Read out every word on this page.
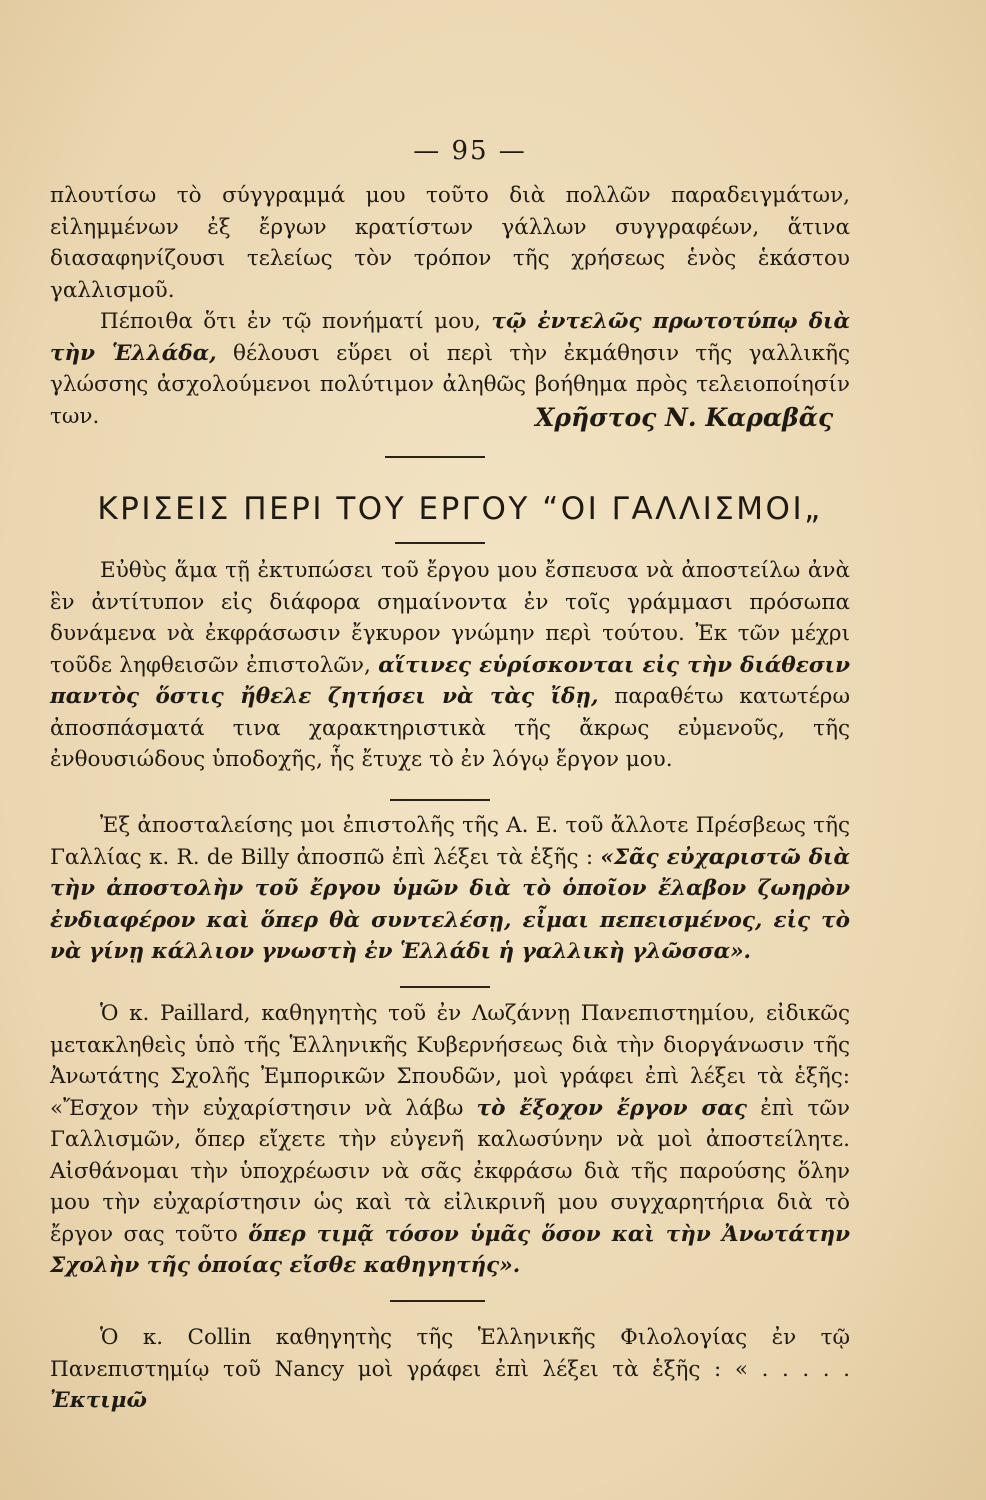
— 95 —

πλουτίσω τὸ σύγγραμμά μου τοῦτο διὰ πολλῶν παραδειγμάτων, εἰλημμένων ἐξ ἔργων κρατίστων γάλλων συγγραφέων, ἅτινα διασαφηνίζουσι τελείως τὸν τρόπον τῆς χρήσεως ἑνὸς ἑκάστου γαλλισμοῦ.

Πέποιθα ὅτι ἐν τῷ πονήματί μου, τῷ ἐντελῶς πρωτοτύπῳ διὰ τὴν Ἑλλάδα, θέλουσι εὕρει οἱ περὶ τὴν ἐκμάθησιν τῆς γαλλικῆς γλώσσης ἀσχολούμενοι πολύτιμον ἀληθῶς βοήθημα πρὸς τελειοποίησίν των.	Χρῆστος Ν. Καραβᾶς
ΚΡΙΣΕΙΣ ΠΕΡΙ ΤΟΥ ΕΡΓΟΥ “ΟΙ ΓΑΛΛΙΣΜΟΙ„

Εὐθὺς ἅμα τῇ ἐκτυπώσει τοῦ ἔργου μου ἔσπευσα νὰ ἀποστείλω ἀνὰ ἓν ἀντίτυπον εἰς διάφορα σημαίνοντα ἐν τοῖς γράμμασι πρόσωπα δυνάμενα νὰ ἐκφράσωσιν ἔγκυρον γνώμην περὶ τούτου. Ἐκ τῶν μέχρι τοῦδε ληφθεισῶν ἐπιστολῶν, αἵτινες εὑρίσκονται εἰς τὴν διάθεσιν παντὸς ὅστις ἤθελε ζητήσει νὰ τὰς ἴδῃ, παραθέτω κατωτέρω ἀποσπάσματά τινα χαρακτηριστικὰ τῆς ἄκρως εὐμενοῦς, τῆς ἐνθουσιώδους ὑποδοχῆς, ἧς ἔτυχε τὸ ἐν λόγῳ ἔργον μου.

Ἐξ ἀποσταλείσης μοι ἐπιστολῆς τῆς Α. Ε. τοῦ ἄλλοτε Πρέσβεως τῆς Γαλλίας κ. R. de Billy ἀποσπῶ ἐπὶ λέξει τὰ ἑξῆς : «Σᾶς εὐχαριστῶ διὰ τὴν ἀποστολὴν τοῦ ἔργου ὑμῶν διὰ τὸ ὁποῖον ἔλαβον ζωηρὸν ἐνδιαφέρον καὶ ὅπερ θὰ συντελέσῃ, εἶμαι πεπεισμένος, εἰς τὸ νὰ γίνῃ κάλλιον γνωστὴ ἐν Ἑλλάδι ἡ γαλλικὴ γλῶσσα».

Ὁ κ. Paillard, καθηγητὴς τοῦ ἐν Λωζάννῃ Πανεπιστημίου, εἰδικῶς μετακληθεὶς ὑπὸ τῆς Ἑλληνικῆς Κυβερνήσεως διὰ τὴν διοργάνωσιν τῆς Ἀνωτάτης Σχολῆς Ἐμπορικῶν Σπουδῶν, μοὶ γράφει ἐπὶ λέξει τὰ ἑξῆς: «Ἔσχον τὴν εὐχαρίστησιν νὰ λάβω τὸ ἔξοχον ἔργον σας ἐπὶ τῶν Γαλλισμῶν, ὅπερ εἴχετε τὴν εὐγενῆ καλωσύνην νὰ μοὶ ἀποστείλητε. Αἰσθάνομαι τὴν ὑποχρέωσιν νὰ σᾶς ἐκφράσω διὰ τῆς παρούσης ὅλην μου τὴν εὐχαρίστησιν ὡς καὶ τὰ εἰλικρινῆ μου συγχαρητήρια διὰ τὸ ἔργον σας τοῦτο ὅπερ τιμᾷ τόσον ὑμᾶς ὅσον καὶ τὴν Ἀνωτάτην Σχολὴν τῆς ὁποίας εἴσθε καθηγητής».

Ὁ κ. Collin καθηγητὴς τῆς Ἑλληνικῆς Φιλολογίας ἐν τῷ Πανεπιστημίῳ τοῦ Nancy μοὶ γράφει ἐπὶ λέξει τὰ ἑξῆς : « . . . . . Ἐκτιμῶ
